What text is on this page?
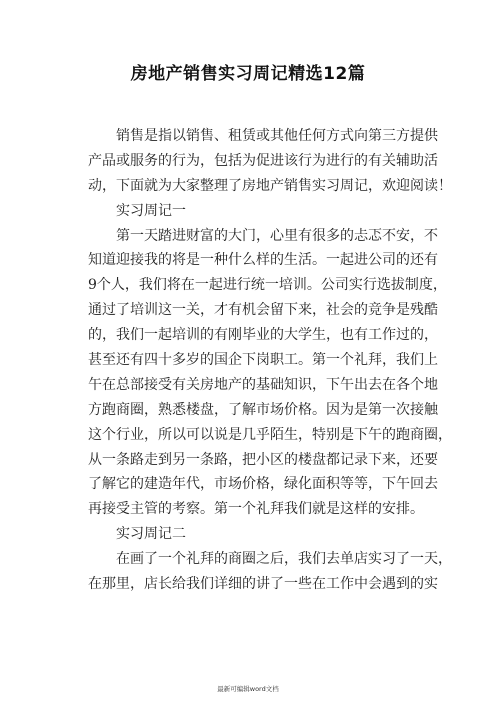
房地产销售实习周记精选12篇
销售是指以销售、租赁或其他任何方式向第三方提供
产品或服务的行为，包括为促进该行为进行的有关辅助活
动，下面就为大家整理了房地产销售实习周记，欢迎阅读！
实习周记一
第一天踏进财富的大门，心里有很多的忐忑不安，不
知道迎接我的将是一种什么样的生活。一起进公司的还有
9个人，我们将在一起进行统一培训。公司实行选拔制度，
通过了培训这一关，才有机会留下来，社会的竞争是残酷
的，我们一起培训的有刚毕业的大学生，也有工作过的，
甚至还有四十多岁的国企下岗职工。第一个礼拜，我们上
午在总部接受有关房地产的基础知识，下午出去在各个地
方跑商圈，熟悉楼盘，了解市场价格。因为是第一次接触
这个行业，所以可以说是几乎陌生，特别是下午的跑商圈，
从一条路走到另一条路，把小区的楼盘都记录下来，还要
了解它的建造年代，市场价格，绿化面积等等，下午回去
再接受主管的考察。第一个礼拜我们就是这样的安排。
实习周记二
在画了一个礼拜的商圈之后，我们去单店实习了一天，
在那里，店长给我们详细的讲了一些在工作中会遇到的实
最新可编辑word文档
